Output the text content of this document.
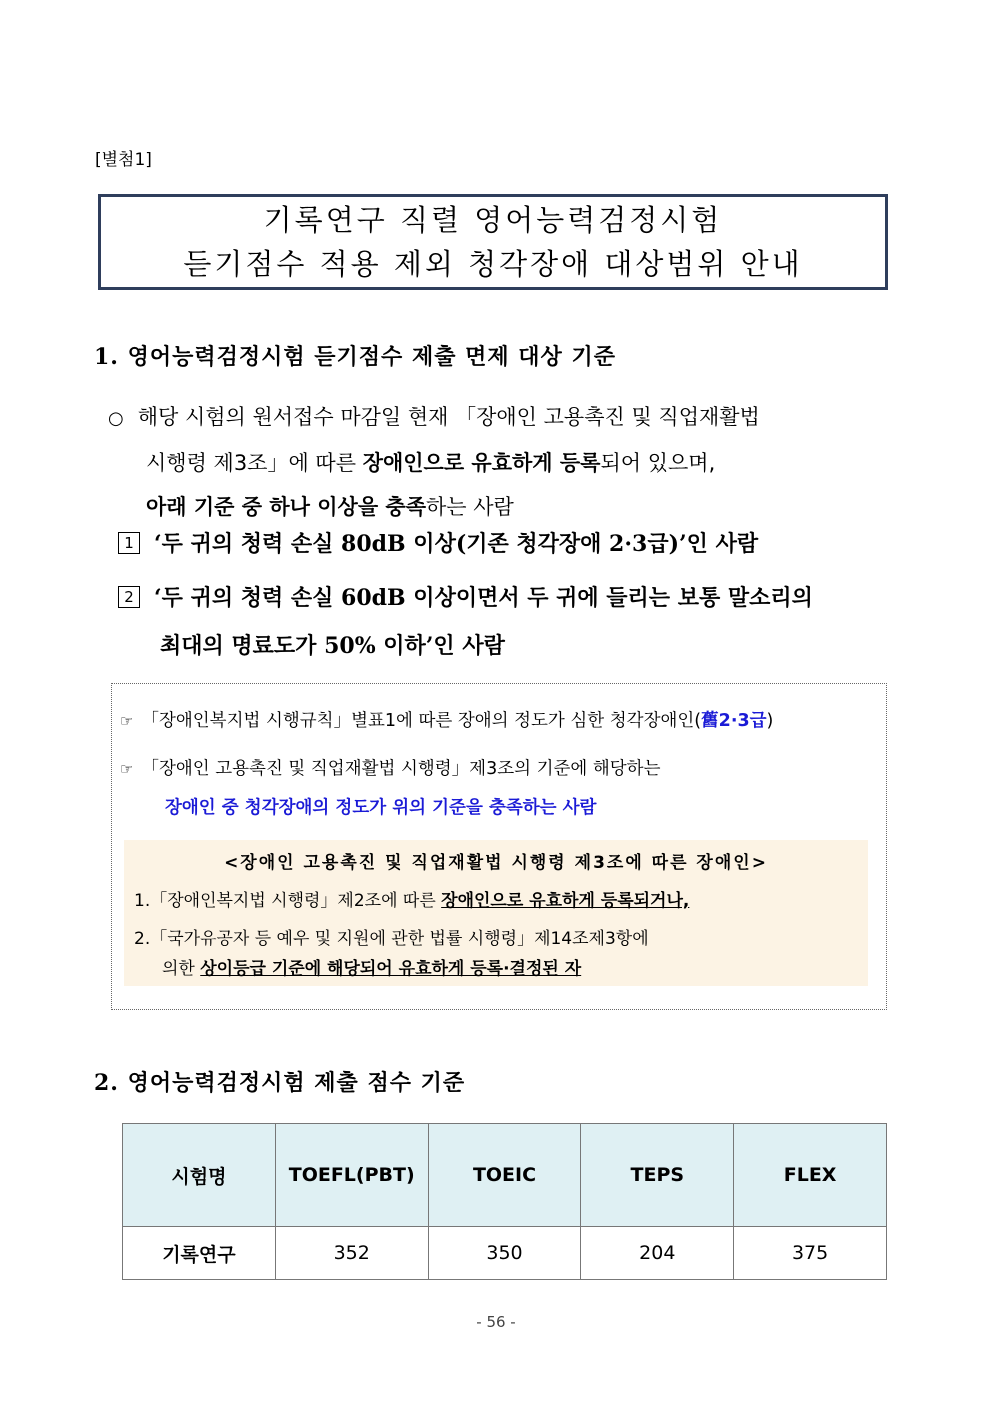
[별첨1]
기록연구 직렬 영어능력검정시험
듣기점수 적용 제외 청각장애 대상범위 안내
1. 영어능력검정시험 듣기점수 제출 면제 대상 기준
○ 해당 시험의 원서접수 마감일 현재 「장애인 고용촉진 및 직업재활법
시행령 제3조」에 따른 장애인으로 유효하게 등록되어 있으며,
아래 기준 중 하나 이상을 충족하는 사람
1 ‘두 귀의 청력 손실 80dB 이상(기존 청각장애 2·3급)’인 사람
2 ‘두 귀의 청력 손실 60dB 이상이면서 두 귀에 들리는 보통 말소리의
최대의 명료도가 50% 이하’인 사람
☞ 「장애인복지법 시행규칙」별표1에 따른 장애의 정도가 심한 청각장애인(舊2·3급)
☞ 「장애인 고용촉진 및 직업재활법 시행령」제3조의 기준에 해당하는
장애인 중 청각장애의 정도가 위의 기준을 충족하는 사람
<장애인 고용촉진 및 직업재활법 시행령 제3조에 따른 장애인>
1.「장애인복지법 시행령」제2조에 따른 장애인으로 유효하게 등록되거나,
2.「국가유공자 등 예우 및 지원에 관한 법률 시행령」제14조제3항에
의한 상이등급 기준에 해당되어 유효하게 등록·결정된 자
2. 영어능력검정시험 제출 점수 기준
시험명	TOEFL(PBT)	TOEIC	TEPS	FLEX
기록연구	352	350	204	375
- 56 -
